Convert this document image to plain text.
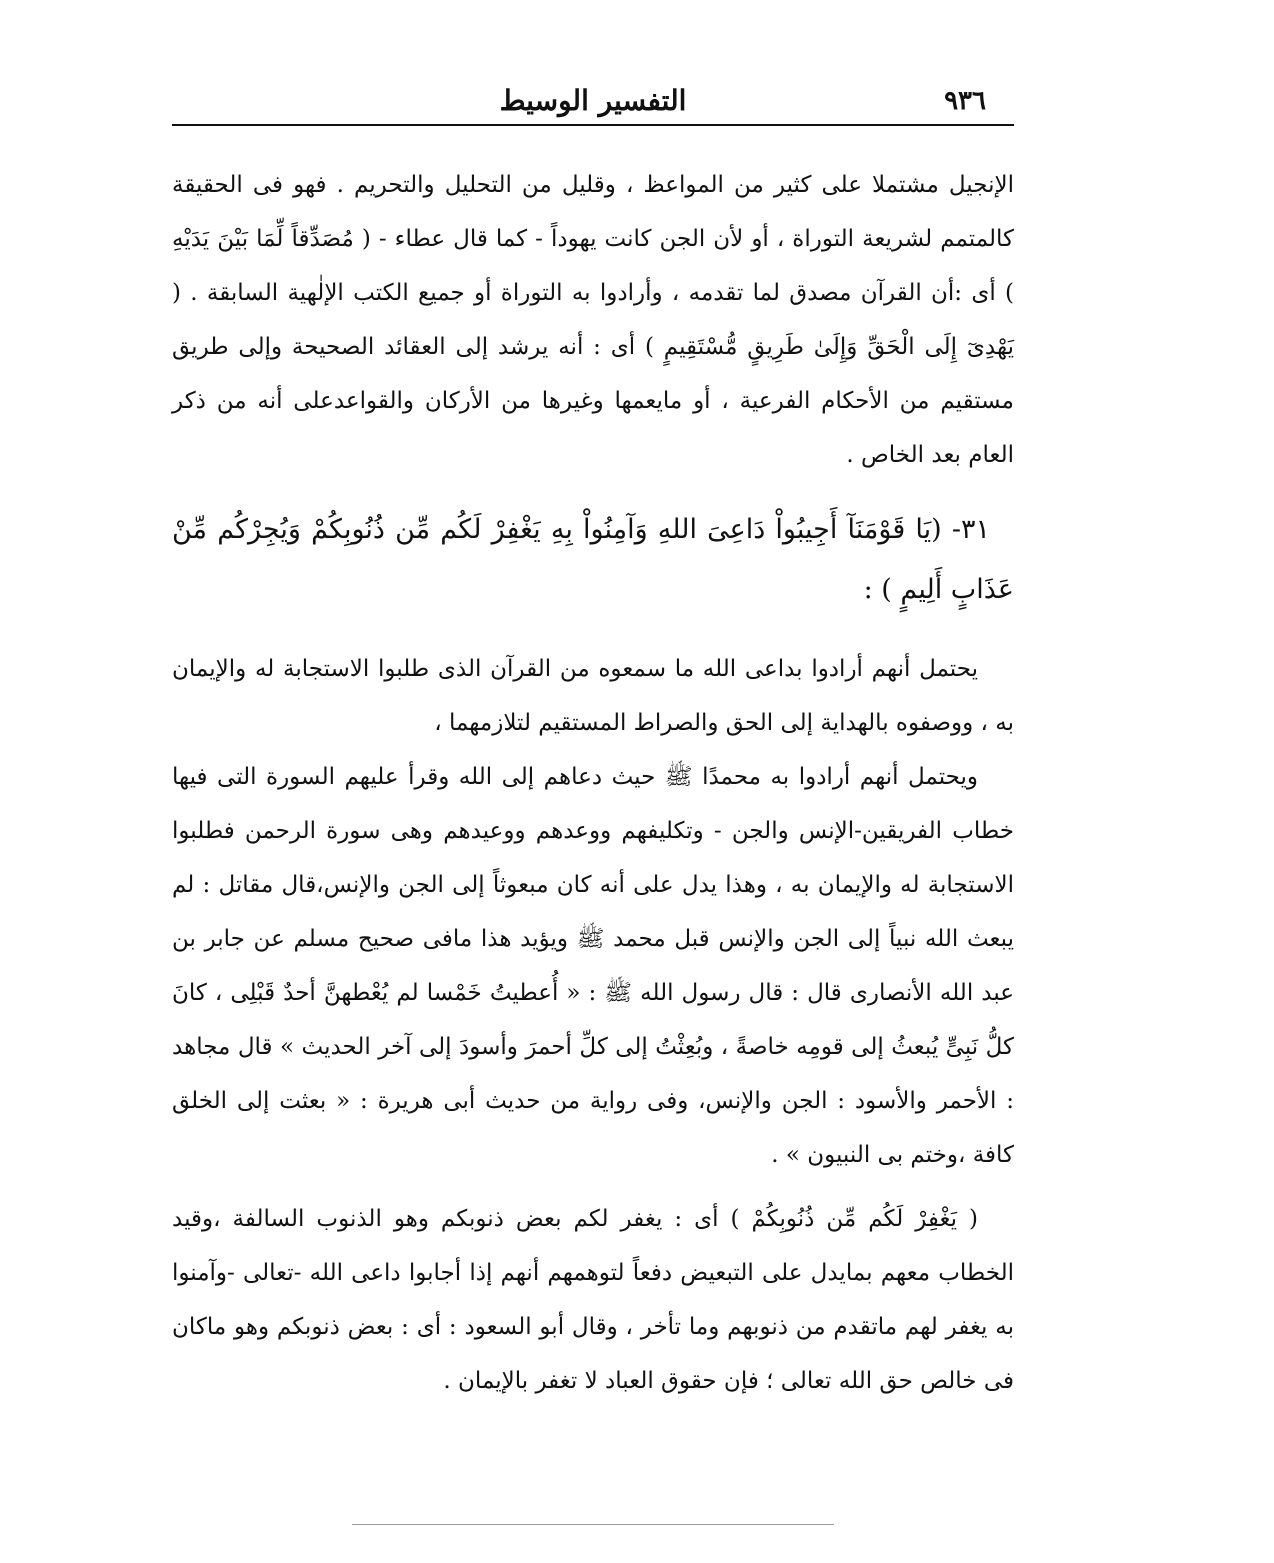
٩٣٦
التفسير الوسيط

الإنجيل مشتملا على كثير من المواعظ ، وقليل من التحليل والتحريم . فهو فى الحقيقة كالمتمم لشريعة التوراة ، أو لأن الجن كانت يهوداً - كما قال عطاء - ( مُصَدِّقاً لِّمَا بَيْنَ يَدَيْهِ ) أى :أن القرآن مصدق لما تقدمه ، وأرادوا به التوراة أو جميع الكتب الإلٰهية السابقة . ( يَهْدِىٓ إِلَى الْحَقِّ وَإِلَىٰ طَرِيقٍ مُّسْتَقِيمٍ ) أى : أنه يرشد إلى العقائد الصحيحة وإلى طريق مستقيم من الأحكام الفرعية ، أو مايعمها وغيرها من الأركان والقواعدعلى أنه من ذكر العام بعد الخاص .

٣١- (يَا قَوْمَنَآ أَجِيبُواْ دَاعِىَ اللهِ وَآمِنُواْ بِهِ يَغْفِرْ لَكُم مِّن ذُنُوبِكُمْ وَيُجِرْكُم مِّنْ عَذَابٍ أَلِيمٍ ) :

يحتمل أنهم أرادوا بداعى الله ما سمعوه من القرآن الذى طلبوا الاستجابة له والإيمان به ، ووصفوه بالهداية إلى الحق والصراط المستقيم لتلازمهما ،

ويحتمل أنهم أرادوا به محمدًا ﷺ حيث دعاهم إلى الله وقرأ عليهم السورة التى فيها خطاب الفريقين-الإنس والجن - وتكليفهم ووعدهم ووعيدهم وهى سورة الرحمن فطلبوا الاستجابة له والإيمان به ، وهذا يدل على أنه كان مبعوثاً إلى الجن والإنس،قال مقاتل : لم يبعث الله نبياً إلى الجن والإنس قبل محمد ﷺ ويؤيد هذا مافى صحيح مسلم عن جابر بن عبد الله الأنصارى قال : قال رسول الله ﷺ : « أُعطيتُ خَمْسا لم يُعْطهنَّ أحدٌ قَبْلِى ، كانَ كلُّ نَبِىٍّ يُبعثُ إلى قومِه خاصةً ، وبُعِثْتُ إلى كلِّ أحمرَ وأسودَ إلى آخر الحديث » قال مجاهد : الأحمر والأسود : الجن والإنس، وفى رواية من حديث أبى هريرة : « بعثت إلى الخلق كافة ،وختم بى النبيون » .

( يَغْفِرْ لَكُم مِّن ذُنُوبِكُمْ ) أى : يغفر لكم بعض ذنوبكم وهو الذنوب السالفة ،وقيد الخطاب معهم بمايدل على التبعيض دفعاً لتوهمهم أنهم إذا أجابوا داعى الله -تعالى -وآمنوا به يغفر لهم ماتقدم من ذنوبهم وما تأخر ، وقال أبو السعود : أى : بعض ذنوبكم وهو ماكان فى خالص حق الله تعالى ؛ فإن حقوق العباد لا تغفر بالإيمان .
